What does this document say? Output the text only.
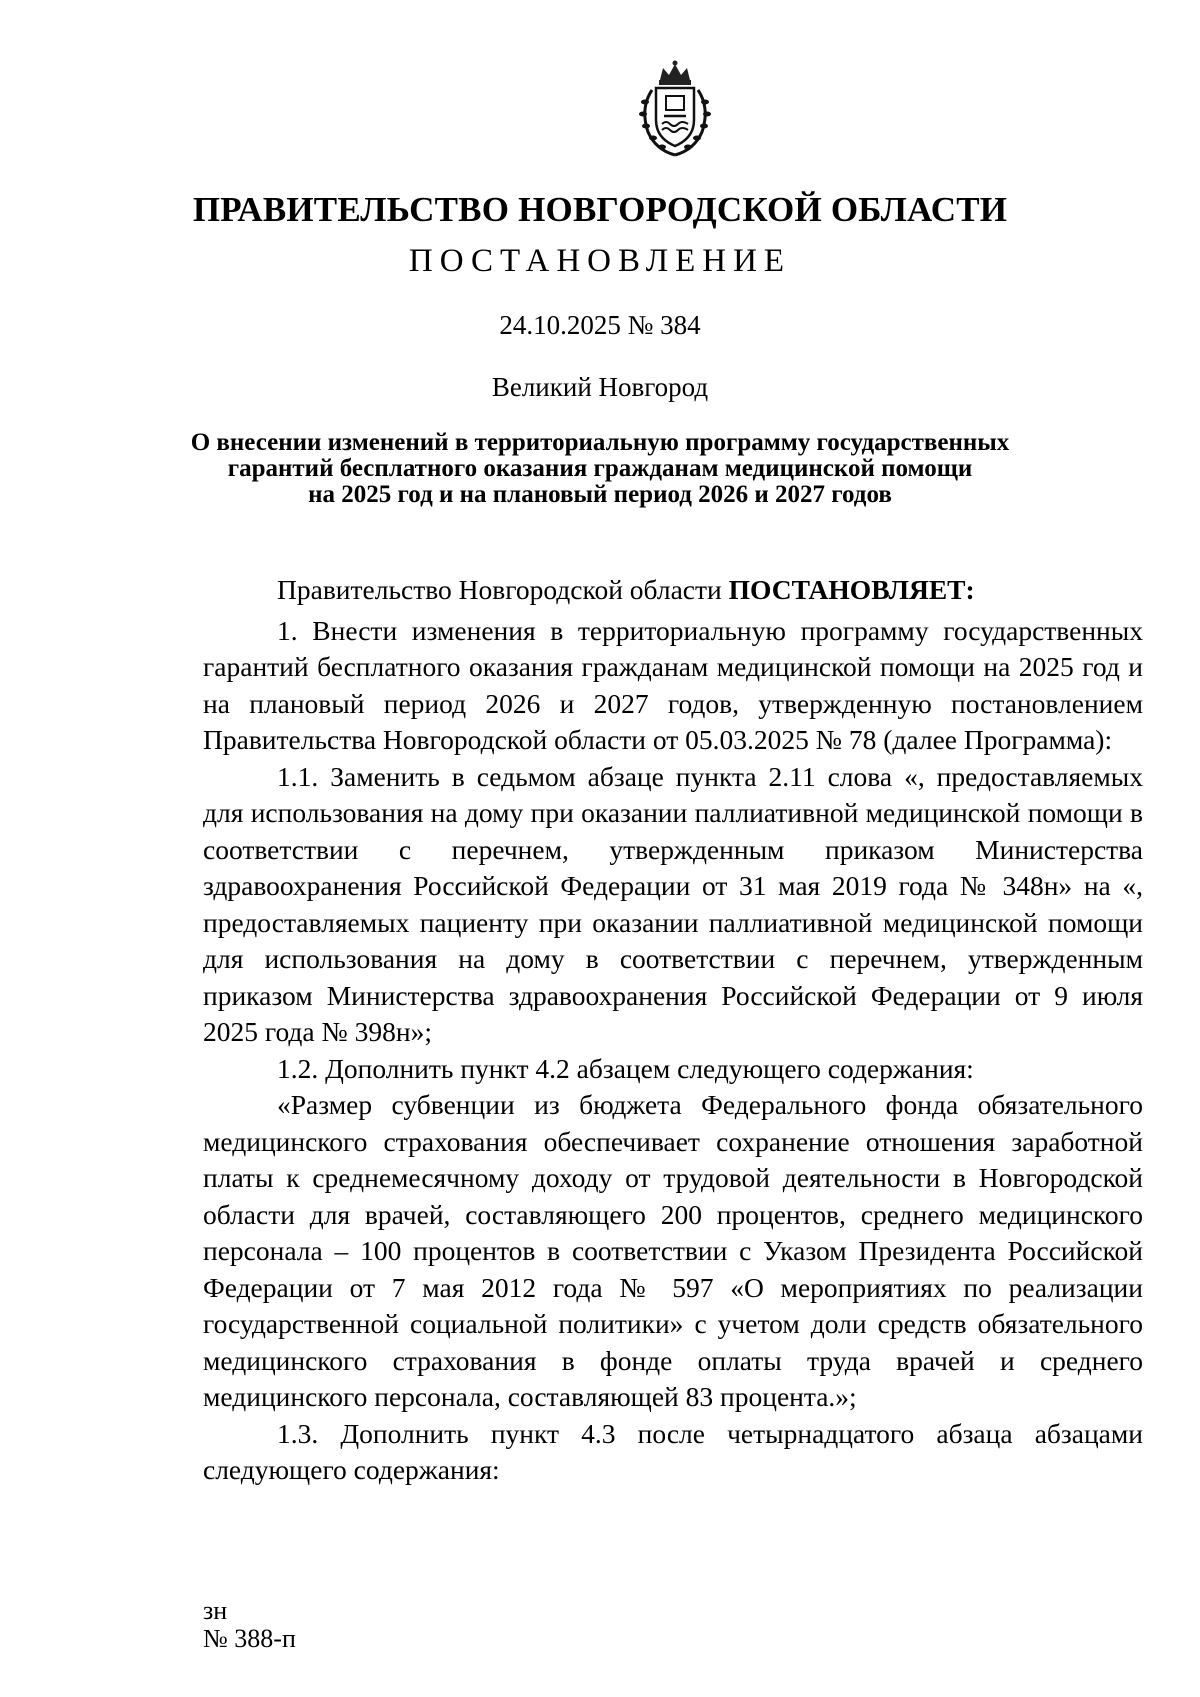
ПРАВИТЕЛЬСТВО НОВГОРОДСКОЙ ОБЛАСТИ
ПОСТАНОВЛЕНИЕ
24.10.2025 № 384
Великий Новгород
О внесении изменений в территориальную программу государственных
гарантий бесплатного оказания гражданам медицинской помощи
на 2025 год и на плановый период 2026 и 2027 годов

Правительство Новгородской области ПОСТАНОВЛЯЕТ:

1. Внести изменения в территориальную программу государственных гарантий бесплатного оказания гражданам медицинской помощи на 2025 год и на плановый период 2026 и 2027 годов, утвержденную постановлением Правительства Новгородской области от 05.03.2025 № 78 (далее Программа):

1.1. Заменить в седьмом абзаце пункта 2.11 слова «, предоставляемых для использования на дому при оказании паллиативной медицинской помощи в соответствии с перечнем, утвержденным приказом Министерства здравоохранения Российской Федерации от 31 мая 2019 года № 348н» на «, предоставляемых пациенту при оказании паллиативной медицинской помощи для использования на дому в соответствии с перечнем, утвержденным приказом Министерства здравоохранения Российской Федерации от 9 июля 2025 года № 398н»;

1.2. Дополнить пункт 4.2 абзацем следующего содержания:

«Размер субвенции из бюджета Федерального фонда обязательного медицинского страхования обеспечивает сохранение отношения заработной платы к среднемесячному доходу от трудовой деятельности в Новгородской области для врачей, составляющего 200 процентов, среднего медицинского персонала – 100 процентов в соответствии с Указом Президента Российской Федерации от 7 мая 2012 года № 597 «О мероприятиях по реализации государственной социальной политики» с учетом доли средств обязательного медицинского страхования в фонде оплаты труда врачей и среднего медицинского персонала, составляющей 83 процента.»;

1.3. Дополнить пункт 4.3 после четырнадцатого абзаца абзацами следующего содержания:

зн
№ 388-п
